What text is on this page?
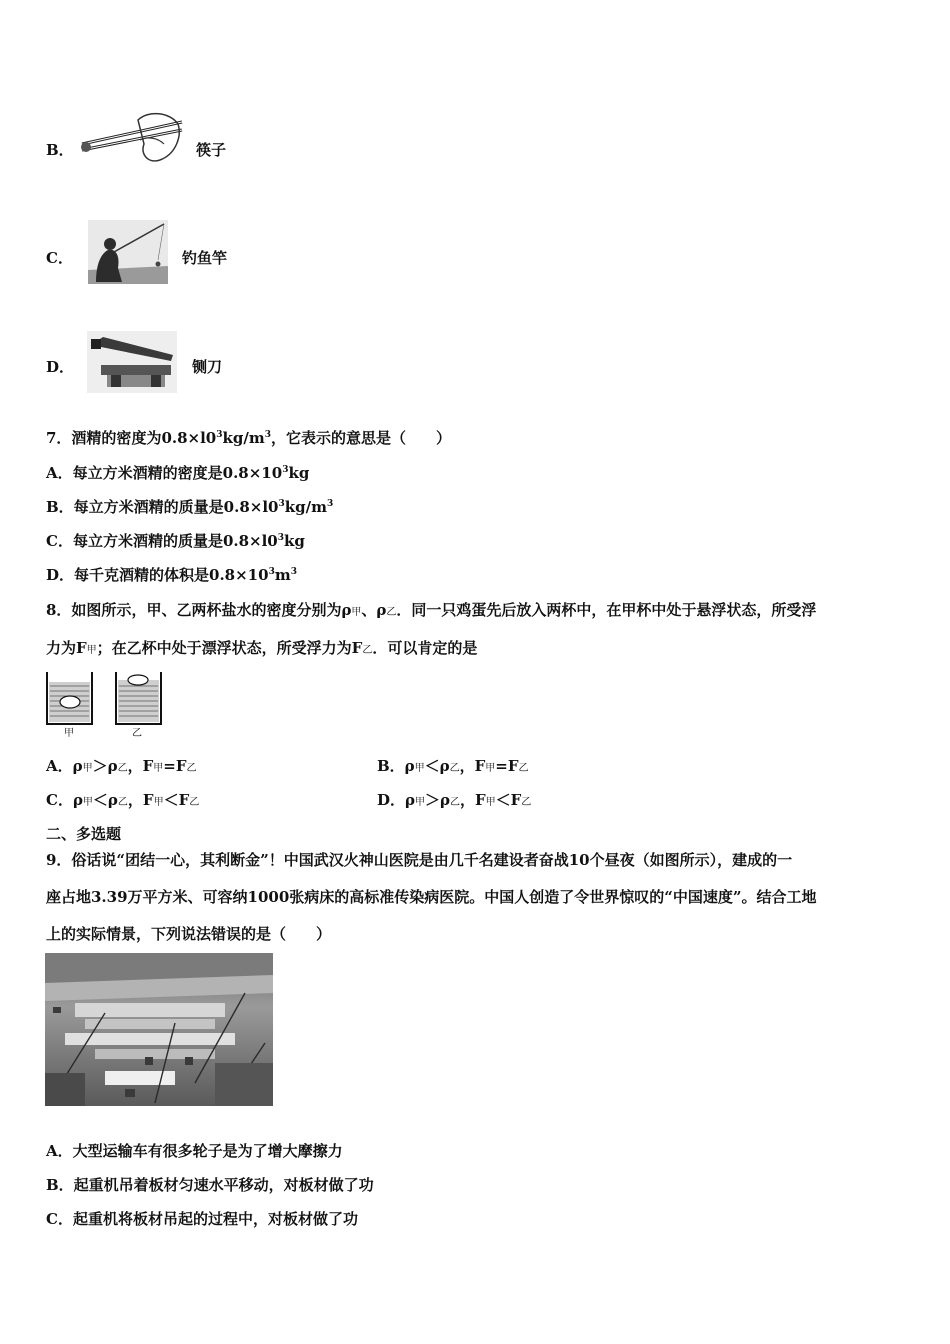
B．	筷子
C．	钓鱼竿
D．	铡刀
7．酒精的密度为$0.8\times l0^3kg/m^3$，它表示的意思是（　　）
A．每立方米酒精的密度是$0.8\times 10^3kg$
B．每立方米酒精的质量是$0.8\times l0^3kg/m^3$
C．每立方米酒精的质量是$0.8\times l0^3kg$
D．每千克酒精的体积是$0.8\times 10^3m^3$
8．如图所示，甲、乙两杯盐水的密度分别为ρ甲、ρ乙．同一只鸡蛋先后放入两杯中，在甲杯中处于悬浮状态，所受浮
力为F甲；在乙杯中处于漂浮状态，所受浮力为F乙．可以肯定的是
甲	乙
A．ρ甲＞ρ乙，F甲=F乙	B．ρ甲＜ρ乙，F甲=F乙
C．ρ甲＜ρ乙，F甲＜F乙	D．ρ甲＞ρ乙，F甲＜F乙
二、多选题
9．俗话说“团结一心，其利断金”！中国武汉火神山医院是由几千名建设者奋战10个昼夜（如图所示），建成的一
座占地3.39万平方米、可容纳1000张病床的高标准传染病医院。中国人创造了令世界惊叹的“中国速度”。结合工地
上的实际情景，下列说法错误的是（　　）
A．大型运输车有很多轮子是为了增大摩擦力
B．起重机吊着板材匀速水平移动，对板材做了功
C．起重机将板材吊起的过程中，对板材做了功
